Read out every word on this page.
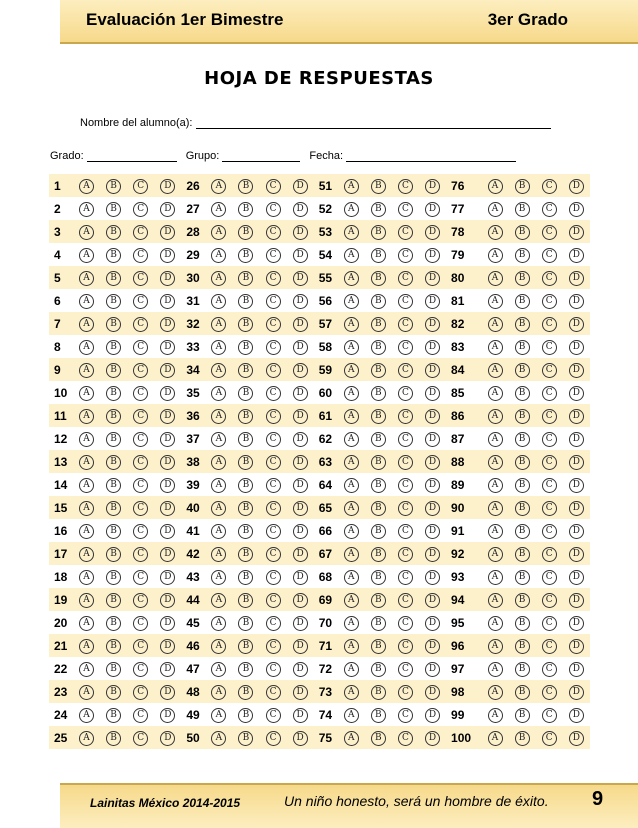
Evaluación 1er Bimestre	3er Grado
HOJA DE RESPUESTAS
Nombre del alumno(a):
Grado:	Grupo:	Fecha:
1	A	B	C	D	26	A	B	C	D	51	A	B	C	D	76	A	B	C	D
2	A	B	C	D	27	A	B	C	D	52	A	B	C	D	77	A	B	C	D
3	A	B	C	D	28	A	B	C	D	53	A	B	C	D	78	A	B	C	D
4	A	B	C	D	29	A	B	C	D	54	A	B	C	D	79	A	B	C	D
5	A	B	C	D	30	A	B	C	D	55	A	B	C	D	80	A	B	C	D
6	A	B	C	D	31	A	B	C	D	56	A	B	C	D	81	A	B	C	D
7	A	B	C	D	32	A	B	C	D	57	A	B	C	D	82	A	B	C	D
8	A	B	C	D	33	A	B	C	D	58	A	B	C	D	83	A	B	C	D
9	A	B	C	D	34	A	B	C	D	59	A	B	C	D	84	A	B	C	D
10	A	B	C	D	35	A	B	C	D	60	A	B	C	D	85	A	B	C	D
11	A	B	C	D	36	A	B	C	D	61	A	B	C	D	86	A	B	C	D
12	A	B	C	D	37	A	B	C	D	62	A	B	C	D	87	A	B	C	D
13	A	B	C	D	38	A	B	C	D	63	A	B	C	D	88	A	B	C	D
14	A	B	C	D	39	A	B	C	D	64	A	B	C	D	89	A	B	C	D
15	A	B	C	D	40	A	B	C	D	65	A	B	C	D	90	A	B	C	D
16	A	B	C	D	41	A	B	C	D	66	A	B	C	D	91	A	B	C	D
17	A	B	C	D	42	A	B	C	D	67	A	B	C	D	92	A	B	C	D
18	A	B	C	D	43	A	B	C	D	68	A	B	C	D	93	A	B	C	D
19	A	B	C	D	44	A	B	C	D	69	A	B	C	D	94	A	B	C	D
20	A	B	C	D	45	A	B	C	D	70	A	B	C	D	95	A	B	C	D
21	A	B	C	D	46	A	B	C	D	71	A	B	C	D	96	A	B	C	D
22	A	B	C	D	47	A	B	C	D	72	A	B	C	D	97	A	B	C	D
23	A	B	C	D	48	A	B	C	D	73	A	B	C	D	98	A	B	C	D
24	A	B	C	D	49	A	B	C	D	74	A	B	C	D	99	A	B	C	D
25	A	B	C	D	50	A	B	C	D	75	A	B	C	D	100	A	B	C	D
Lainitas México 2014-2015	Un niño honesto, será un hombre de éxito. 9
